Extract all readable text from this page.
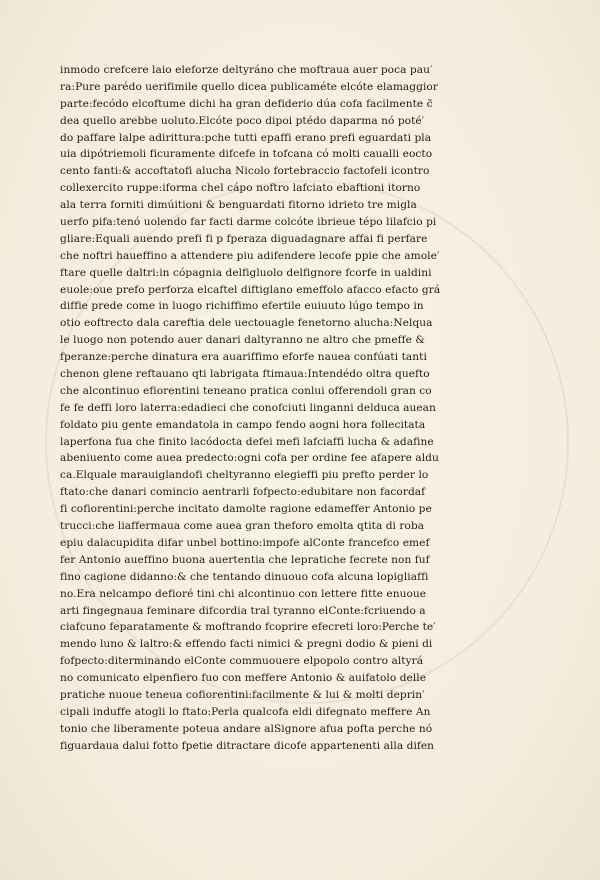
inmodo crefcere laio eleforze deltyráno che moftraua auer poca pau′
ra:Pure parédo uerifimile quello dicea publicaméte elcóte elamaggior
parte:fecódo elcoftume dichi ha gran defiderio dúa cofa facilmente c̃
dea quello arebbe uoluto.Elcóte poco dipoi ptédo daparma nó poté′
do paffare lalpe adirittura:pche tutti epaffi erano prefi eguardati pla
uia dipótriemoli ficuramente difcefe in tofcana có molti caualli eocto
cento fanti:& accoftatofi alucha Nicolo fortebraccio factofeli icontro
collexercito ruppe:iforma chel cápo noftro lafciato ebaftioni itorno
ala terra forniti dimúitioni & benguardati fitorno idrieto tre migla
uerfo pifa:tenó uolendo far facti darme colcóte ibrieue tépo lilafcio pi
gliare:Equali auendo prefi fi p fperaza diguadagnare affai fi perfare
che noftri haueffino a attendere piu adifendere lecofe ppie che amole′
ftare quelle daltri:in cópagnia delfigluolo delfignore fcorfe in ualdini
euole:oue prefo perforza elcaftel diftiglano emeffolo afacco efacto grá
diffie prede come in luogo richiffimo efertile euiuuto lúgo tempo in
otio eoftrecto dala careftia dele uectouagle fenetorno alucha:Nelqua
le luogo non potendo auer danari daltyranno ne altro che pmeffe &
fperanze:perche dinatura era auariffimo eforfe nauea confúati tanti
chenon glene reftauano qti labrigata ftimaua:Intendédo oltra quefto
che alcontinuo efiorentini teneano pratica conlui offerendoli gran co
fe fe deffi loro laterra:edadieci che conofciuti linganni delduca auean
foldato piu gente emandatola in campo fendo aogni hora follecitata
laperfona fua che finito lacódocta defei mefi lafciaffi lucha & adafine
abeniuento come auea predecto:ogni cofa per ordine fee afapere aldu
ca.Elquale marauiglandofi cheltyranno elegieffi piu prefto perder lo
ftato:che danari comincio aentrarli fofpecto:edubitare non facordaf
fi cofiorentini:perche incitato damolte ragione edameffer Antonio pe
trucci:che liaffermaua come auea gran theforo emolta qtita di roba
epiu dalacupidita difar unbel bottino:impofe alConte francefco emef
fer Antonio aueffino buona auertentia che lepratiche fecrete non fuf
fino cagione didanno:& che tentando dinuouo cofa alcuna lopigliaffi
no.Era nelcampo defioré tini chi alcontinuo con lettere fitte enuoue
arti fingegnaua feminare difcordia tral tyranno elConte:fcriuendo a
ciafcuno feparatamente & moftrando fcoprire efecreti loro:Perche te′
mendo luno & laltro:& effendo facti nimici & pregni dodio & pieni di
fofpecto:diterminando elConte commuouere elpopolo contro altyrá
no comunicato elpenfiero fuo con meffere Antonio & auifatolo delle
pratiche nuoue teneua cofiorentini:facilmente & lui & molti deprin′
cipali induffe atogli lo ftato:Perla qualcofa eldi difegnato meffere An
tonio che liberamente poteua andare alSignore afua pofta perche nó
figuardaua dalui fotto fpetie ditractare dicofe appartenenti alla difen
